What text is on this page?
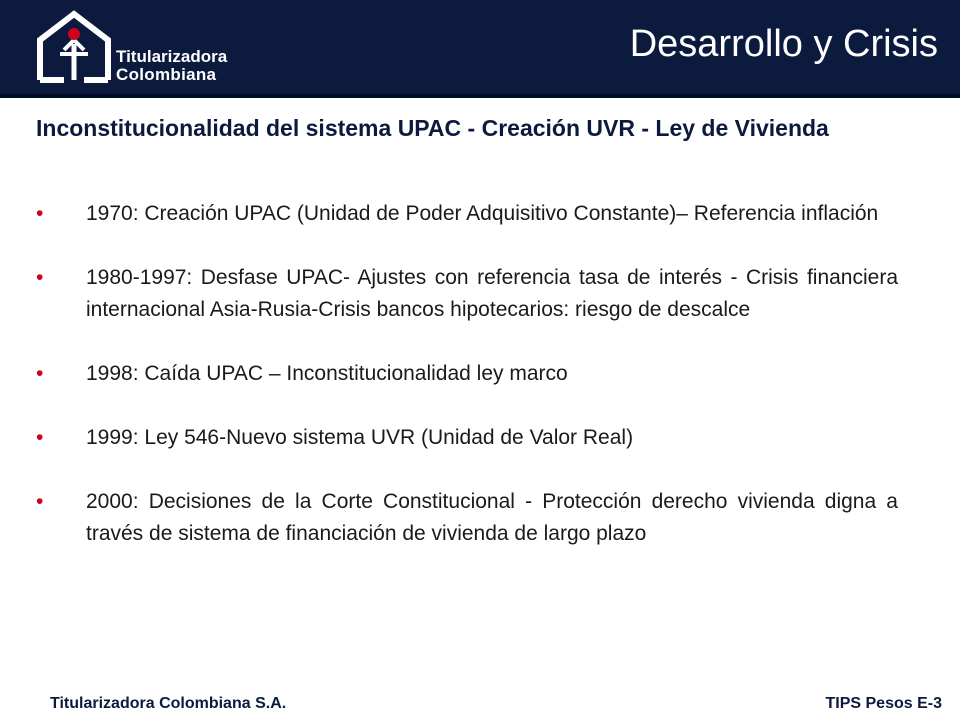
Titularizadora
Colombiana
Desarrollo y Crisis
Inconstitucionalidad del sistema UPAC - Creación UVR - Ley de Vivienda
• 1970: Creación UPAC (Unidad de Poder Adquisitivo Constante)– Referencia inflación
• 1980-1997: Desfase UPAC- Ajustes con referencia tasa de interés - Crisis financiera internacional Asia-Rusia-Crisis bancos hipotecarios: riesgo de descalce
• 1998: Caída UPAC – Inconstitucionalidad ley marco
• 1999: Ley 546-Nuevo sistema UVR (Unidad de Valor Real)
• 2000: Decisiones de la Corte Constitucional - Protección derecho vivienda digna a través de sistema de financiación de vivienda de largo plazo
Titularizadora Colombiana S.A.	TIPS Pesos E-3
